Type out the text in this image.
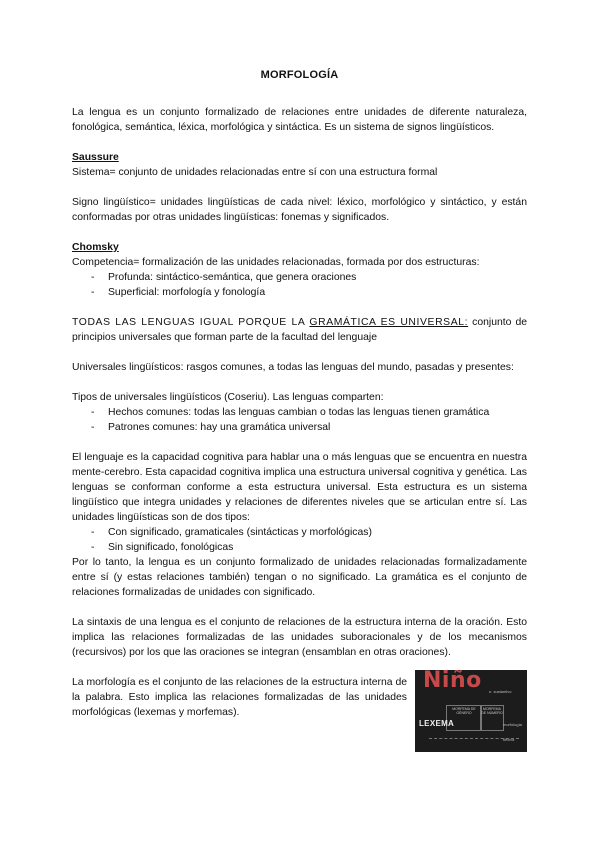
MORFOLOGÍA

La lengua es un conjunto formalizado de relaciones entre unidades de diferente naturaleza, fonológica, semántica, léxica, morfológica y sintáctica. Es un sistema de signos lingüísticos.

Saussure

Sistema= conjunto de unidades relacionadas entre sí con una estructura formal

Signo lingüístico= unidades lingüísticas de cada nivel: léxico, morfológico y sintáctico, y están conformadas por otras unidades lingüísticas: fonemas y significados.

Chomsky

Competencia= formalización de las unidades relacionadas, formada por dos estructuras:

- Profunda: sintáctico-semántica, que genera oraciones
- Superficial: morfología y fonología

TODAS LAS LENGUAS IGUAL PORQUE LA GRAMÁTICA ES UNIVERSAL: conjunto de principios universales que forman parte de la facultad del lenguaje

Universales lingüísticos: rasgos comunes, a todas las lenguas del mundo, pasadas y presentes:

Tipos de universales lingüísticos (Coseriu). Las lenguas comparten:

- Hechos comunes: todas las lenguas cambian o todas las lenguas tienen gramática
- Patrones comunes: hay una gramática universal

El lenguaje es la capacidad cognitiva para hablar una o más lenguas que se encuentra en nuestra mente-cerebro. Esta capacidad cognitiva implica una estructura universal cognitiva y genética. Las lenguas se conforman conforme a esta estructura universal. Esta estructura es un sistema lingüístico que integra unidades y relaciones de diferentes niveles que se articulan entre sí. Las unidades lingüísticas son de dos tipos:

- Con significado, gramaticales (sintácticas y morfológicas)
- Sin significado, fonológicas

Por lo tanto, la lengua es un conjunto formalizado de unidades relacionadas formalizadamente entre sí (y estas relaciones también) tengan o no significado. La gramática es el conjunto de relaciones formalizadas de unidades con significado.

La sintaxis de una lengua es el conjunto de relaciones de la estructura interna de la oración. Esto implica las relaciones formalizadas de las unidades suboracionales y de los mecanismos (recursivos) por los que las oraciones se integran (ensamblan en otras oraciones).

La morfología es el conjunto de las relaciones de la estructura interna de la palabra. Esto implica las relaciones formalizadas de las unidades morfológicas (lexemas y morfemas).

Niño n. sustantivo
MORFEMA DE GÉNERO
MORFEMA DE NÚMERO
LEXEMA	morfología flexiva
